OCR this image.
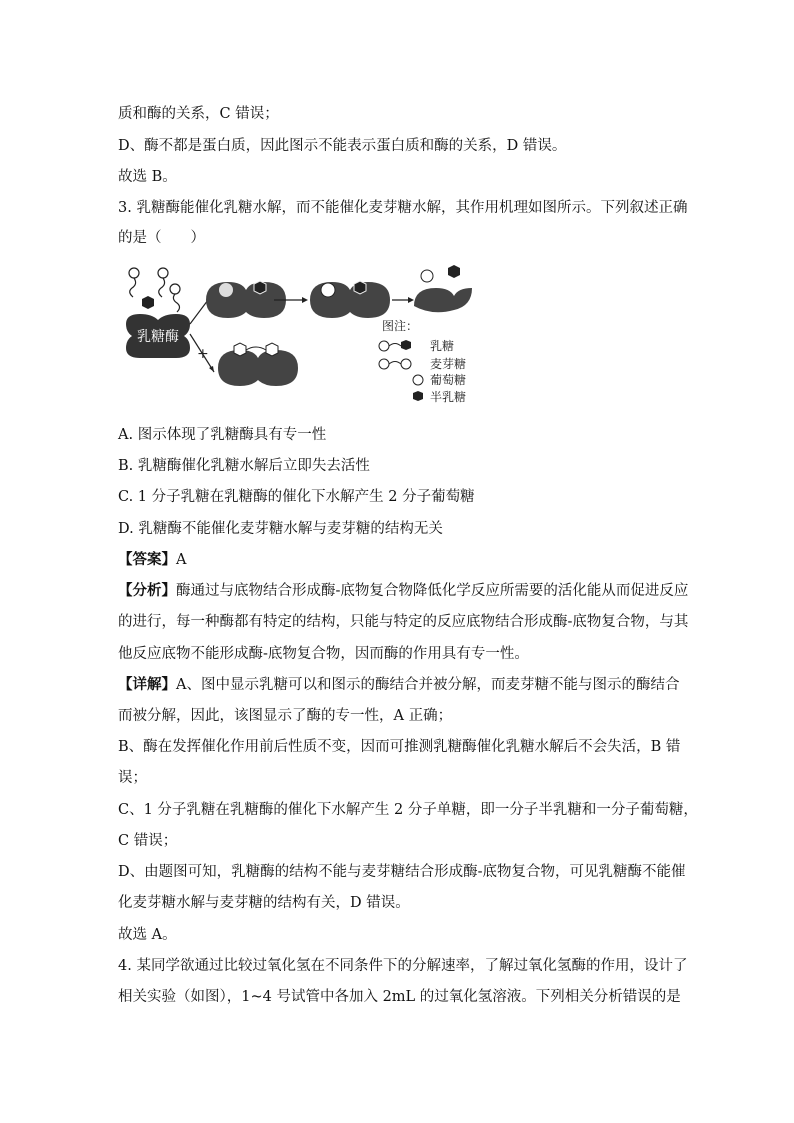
质和酶的关系，C 错误；
D、酶不都是蛋白质，因此图示不能表示蛋白质和酶的关系，D 错误。
故选 B。
3. 乳糖酶能催化乳糖水解，而不能催化麦芽糖水解，其作用机理如图所示。下列叙述正确
的是（　　）
乳糖酶
+
图注：
乳糖
麦芽糖
葡萄糖
半乳糖
A. 图示体现了乳糖酶具有专一性
B. 乳糖酶催化乳糖水解后立即失去活性
C. 1 分子乳糖在乳糖酶的催化下水解产生 2 分子葡萄糖
D. 乳糖酶不能催化麦芽糖水解与麦芽糖的结构无关
【答案】A
【分析】酶通过与底物结合形成酶-底物复合物降低化学反应所需要的活化能从而促进反应
的进行，每一种酶都有特定的结构，只能与特定的反应底物结合形成酶-底物复合物，与其
他反应底物不能形成酶-底物复合物，因而酶的作用具有专一性。
【详解】A、图中显示乳糖可以和图示的酶结合并被分解，而麦芽糖不能与图示的酶结合
而被分解，因此，该图显示了酶的专一性，A 正确；
B、酶在发挥催化作用前后性质不变，因而可推测乳糖酶催化乳糖水解后不会失活，B 错
误；
C、1 分子乳糖在乳糖酶的催化下水解产生 2 分子单糖，即一分子半乳糖和一分子葡萄糖，
C 错误；
D、由题图可知，乳糖酶的结构不能与麦芽糖结合形成酶-底物复合物，可见乳糖酶不能催
化麦芽糖水解与麦芽糖的结构有关，D 错误。
故选 A。
4. 某同学欲通过比较过氧化氢在不同条件下的分解速率，了解过氧化氢酶的作用，设计了
相关实验（如图），1~4 号试管中各加入 2mL 的过氧化氢溶液。下列相关分析错误的是
